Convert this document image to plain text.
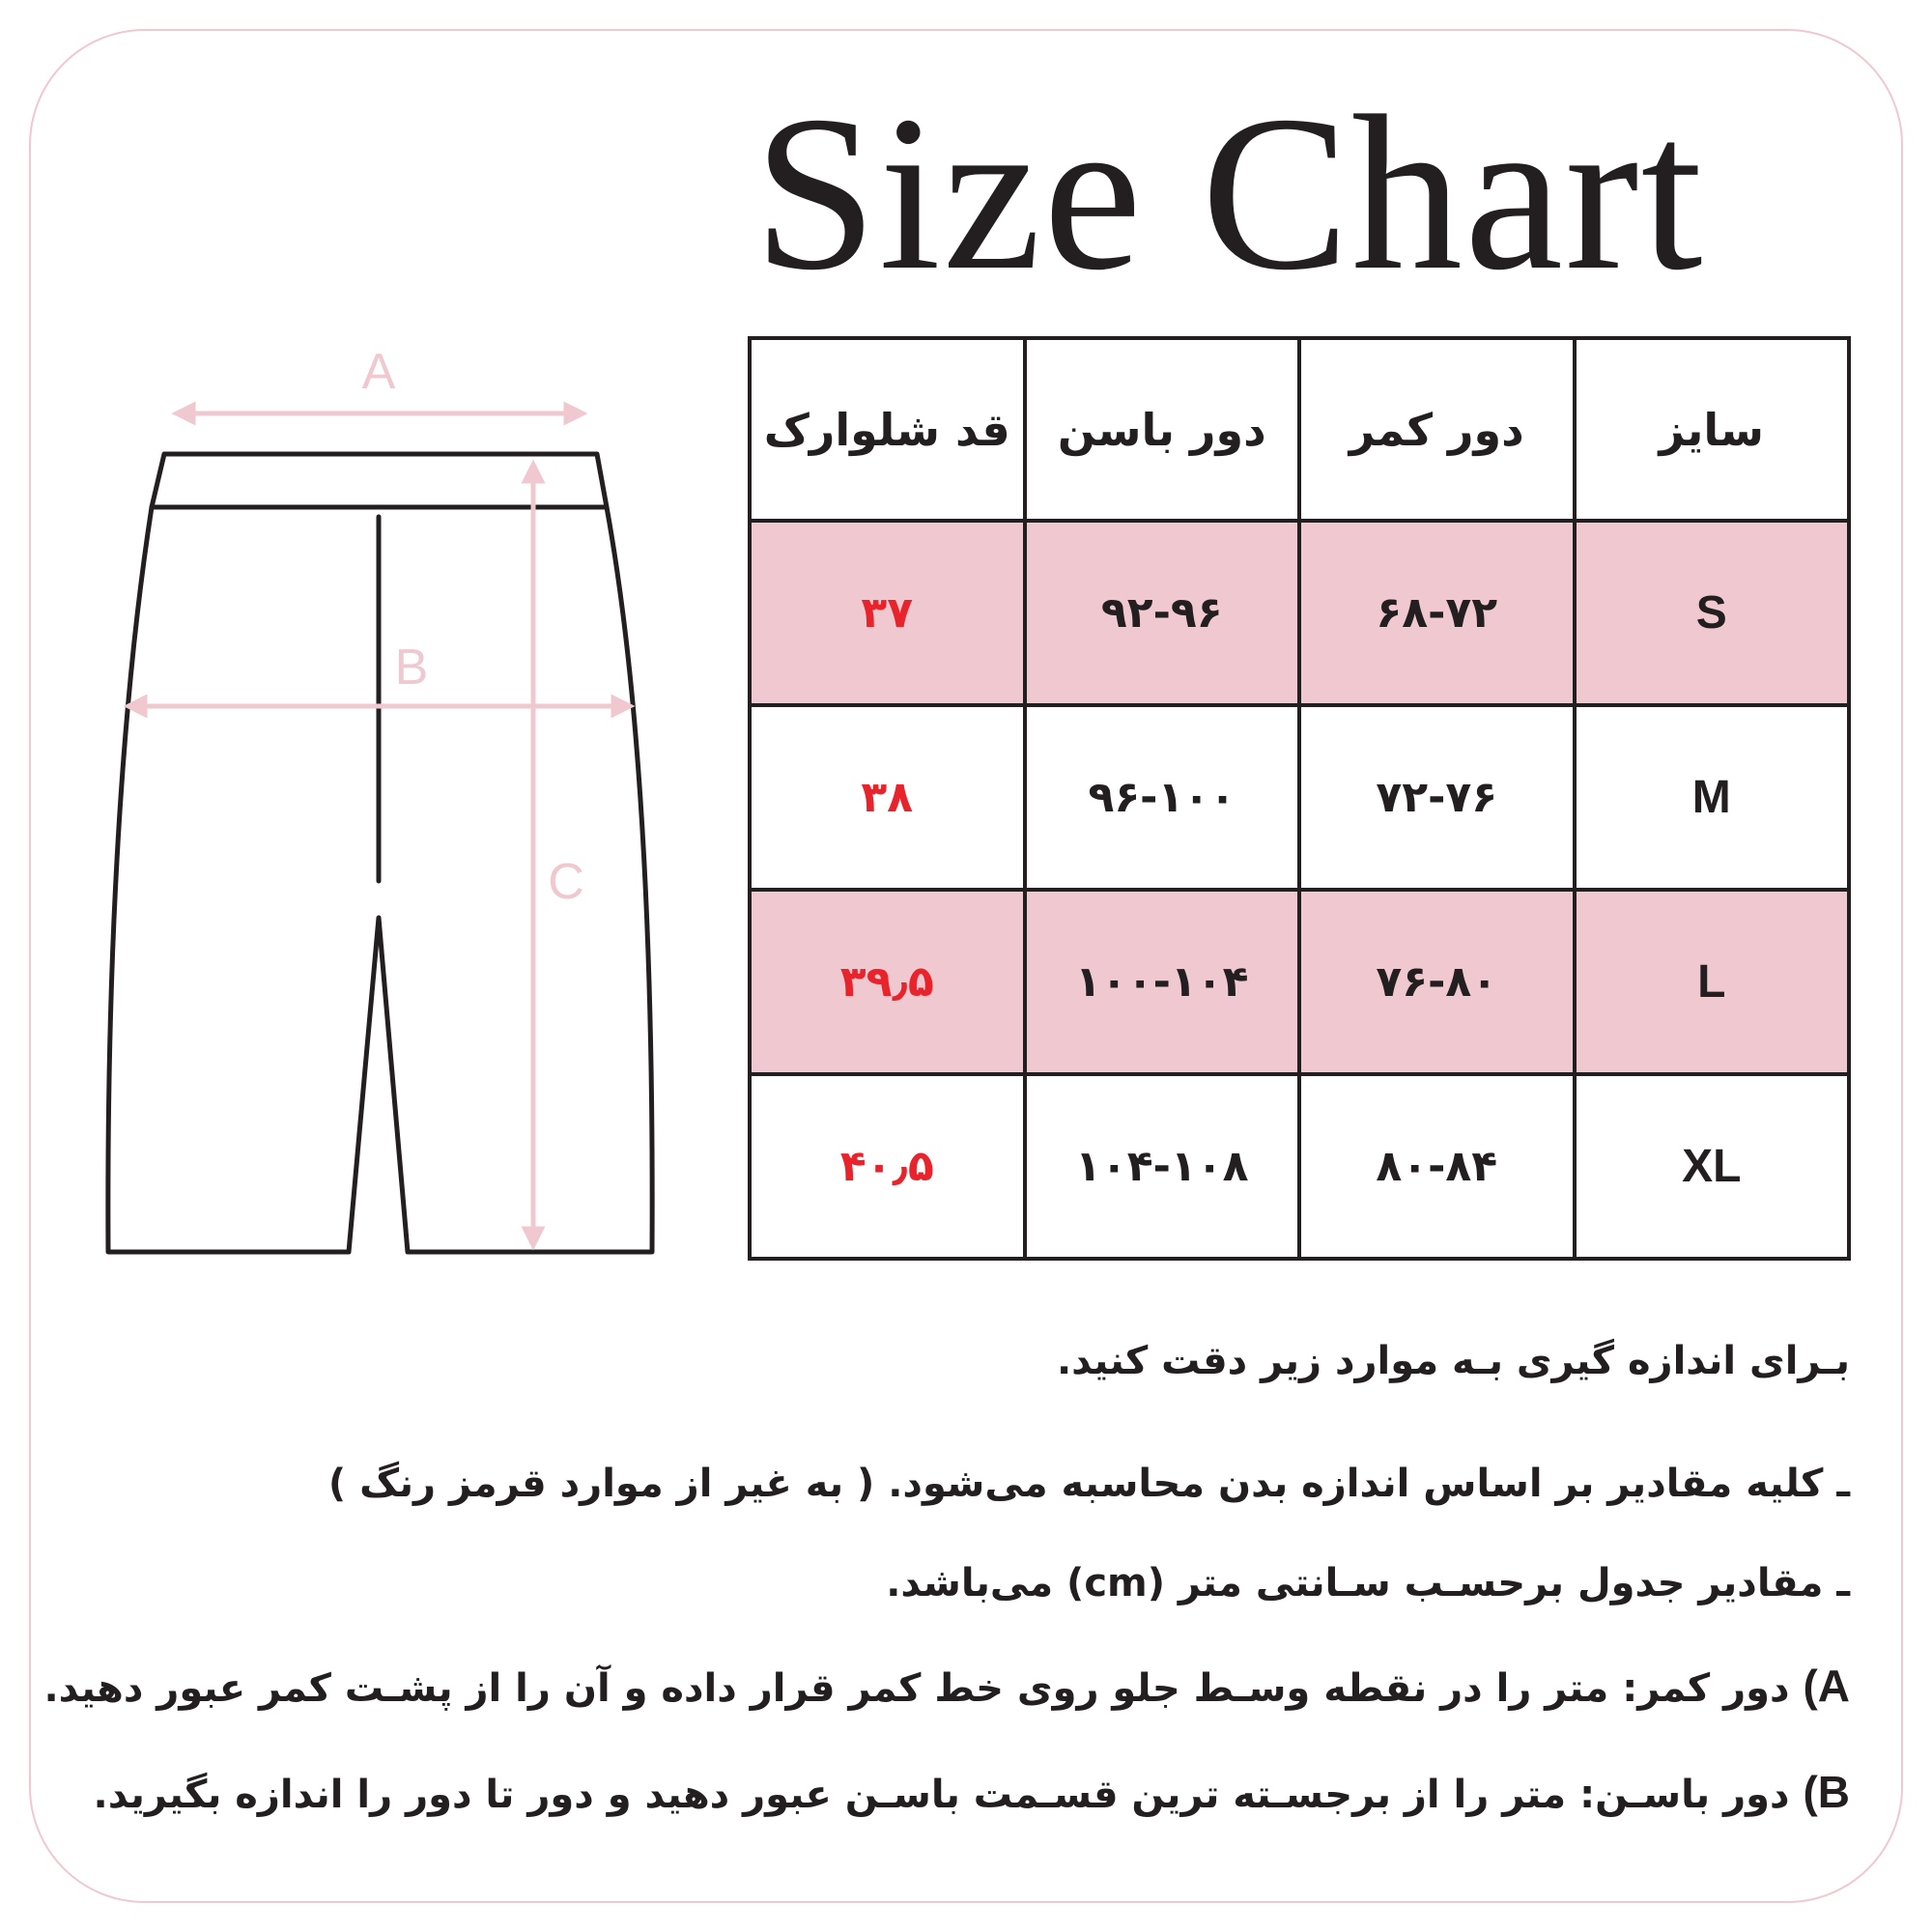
Size Chart
A
B
C
سایز	دور کمر	دور باسن	قد شلوارک
S	۶۸-۷۲	۹۲-۹۶	۳۷
M	۷۲-۷۶	۹۶-۱۰۰	۳۸
L	۷۶-۸۰	۱۰۰-۱۰۴	۳۹٫۵
XL	۸۰-۸۴	۱۰۴-۱۰۸	۴۰٫۵

بـرای اندازه گیری بـه موارد زیر دقت کنید.

ـ کلیه مقادیر بر اساس اندازه بدن محاسبه می‌شود. ( به غیر از موارد قرمز رنگ )

ـ مقادیر جدول برحسـب سـانتی متر (cm) می‌باشد.

A) دور کمر: متر را در نقطه وسـط جلو روی خط کمر قرار داده و آن را از پشـت کمر عبور دهید.

B) دور باسـن: متر را از برجسـته ترین قسـمت باسـن عبور دهید و دور تا دور را اندازه بگیرید.
